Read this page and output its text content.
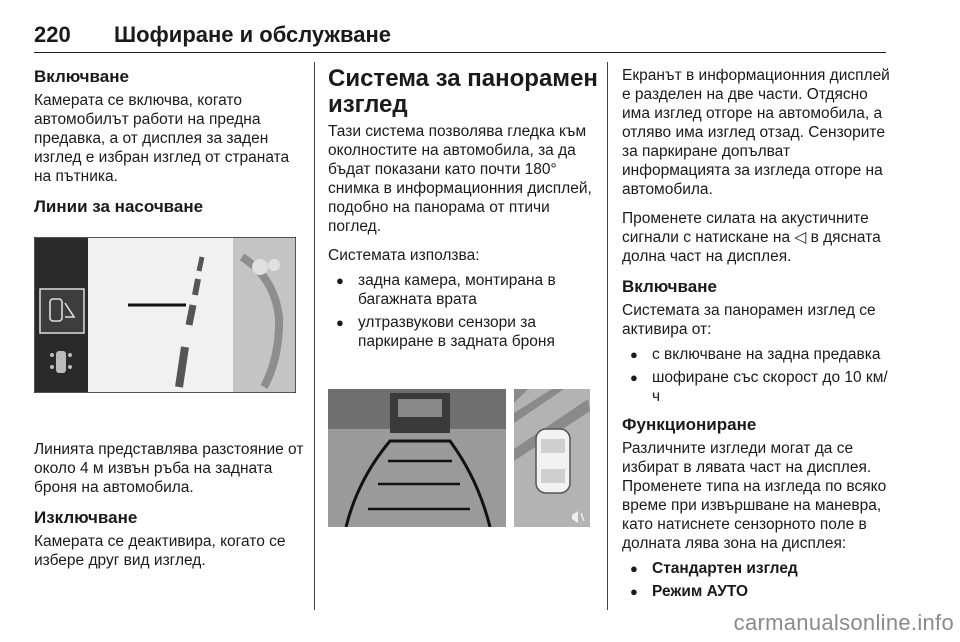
220 Шофиране и обслужване
Включване

Камерата се включва, когато автомобилът работи на предна предавка, а от дисплея за заден изглед е избран изглед от страната на пътника.

Линии за насочване

Линията представлява разстояние от около 4 м извън ръба на задната броня на автомобила.

Изключване

Камерата се деактивира, когато се избере друг вид изглед.

Система за панорамен изглед

Тази система позволява гледка към околностите на автомобила, за да бъдат показани като почти 180° снимка в информационния дисплей, подобно на панорама от птичи поглед.

Системата използва:

● задна камера, монтирана в багажната врата
● ултразвукови сензори за паркиране в задната броня

Екранът в информационния дисплей е разделен на две части. Отдясно има изглед отгоре на автомобила, а отляво има изглед отзад. Сензорите за паркиране допълват информацията за изгледа отгоре на автомобила.

Променете силата на акустичните сигнали с натискане на ◁ в дясната долна част на дисплея.

Включване

Системата за панорамен изглед се активира от:

● с включване на задна предавка
● шофиране със скорост до 10 км/ч
Функциониране

Различните изгледи могат да се избират в лявата част на дисплея. Променете типа на изгледа по всяко време при извършване на маневра, като натиснете сензорното поле в долната лява зона на дисплея:

● Стандартен изглед
● Режим АУТО
carmanualsonline.info
